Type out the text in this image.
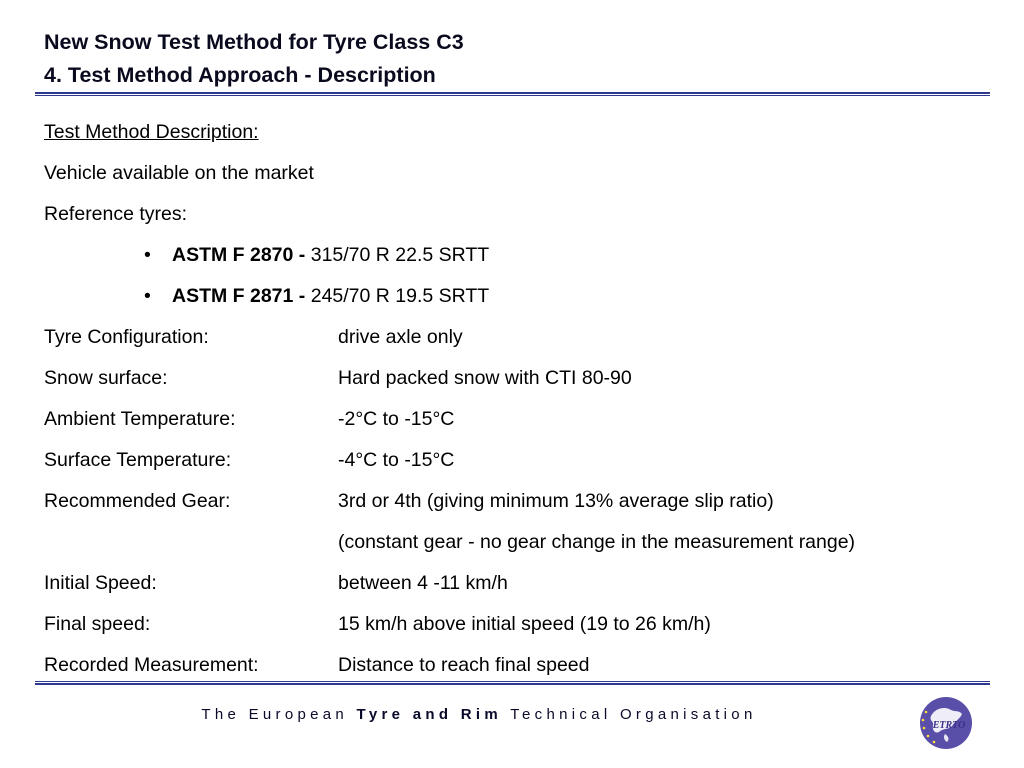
New Snow Test Method for Tyre Class C3
4. Test Method Approach - Description
Test Method Description:
Vehicle available on the market
Reference tyres:
• ASTM F 2870 - 315/70 R 22.5 SRTT
• ASTM F 2871 - 245/70 R 19.5 SRTT
Tyre Configuration:	drive axle only
Snow surface:	Hard packed snow with CTI 80-90
Ambient Temperature:	-2°C to -15°C
Surface Temperature:	-4°C to -15°C
Recommended Gear:	3rd or 4th (giving minimum 13% average slip ratio)
(constant gear - no gear change in the measurement range)
Initial Speed:	between 4 -11 km/h
Final speed:	15 km/h above initial speed (19 to 26 km/h)
Recorded Measurement:	Distance to reach final speed
The European Tyre and Rim Technical Organisation
ETRTO
